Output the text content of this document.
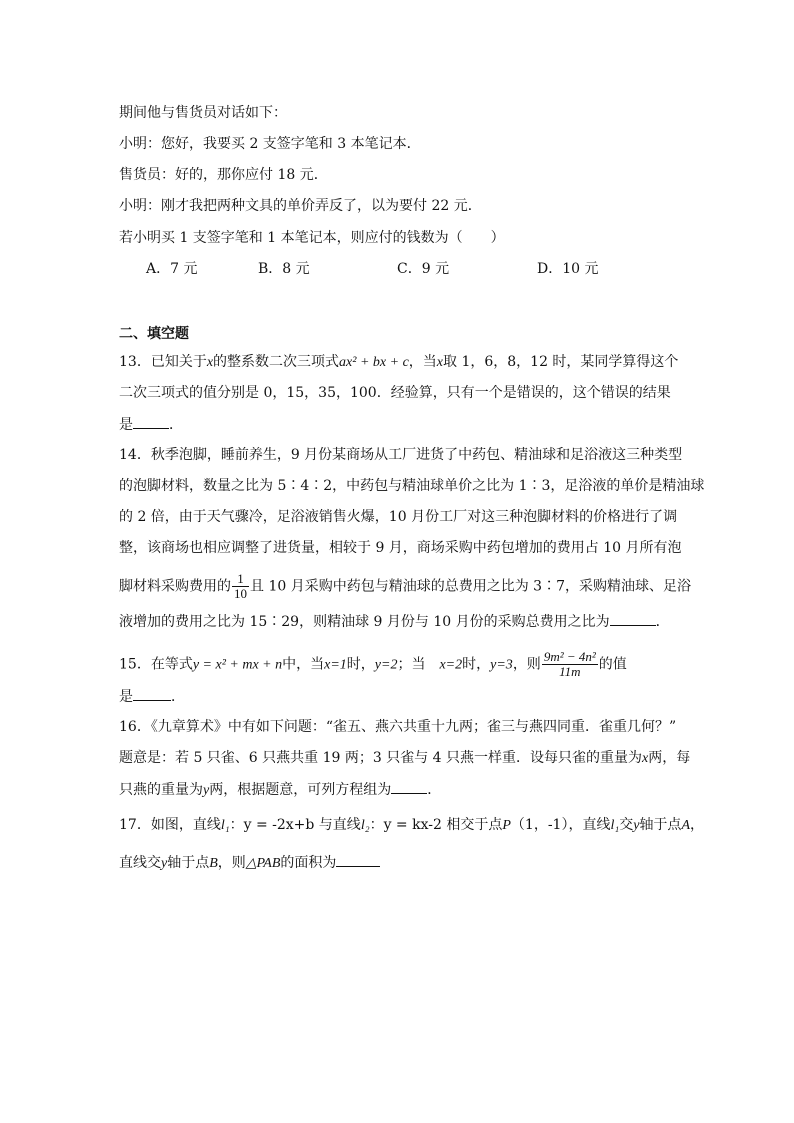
期间他与售货员对话如下：
小明：您好，我要买 2 支签字笔和 3 本笔记本．
售货员：好的，那你应付 18 元．
小明：刚才我把两种文具的单价弄反了，以为要付 22 元．
若小明买 1 支签字笔和 1 本笔记本，则应付的钱数为（　　）
A．7 元	B．8 元	C．9 元	D．10 元
二、填空题
13．已知关于x的整系数二次三项式ax² + bx + c，当x取 1，6，8，12 时，某同学算得这个
二次三项式的值分别是 0，15，35，100．经验算，只有一个是错误的，这个错误的结果
是	．
14．秋季泡脚，睡前养生，9 月份某商场从工厂进货了中药包、精油球和足浴液这三种类型
的泡脚材料，数量之比为 5∶4∶2，中药包与精油球单价之比为 1∶3，足浴液的单价是精油球
的 2 倍，由于天气骤冷，足浴液销售火爆，10 月份工厂对这三种泡脚材料的价格进行了调
整，该商场也相应调整了进货量，相较于 9 月，商场采购中药包增加的费用占 10 月所有泡
脚材料采购费用的 $\frac{1}{10}$ 且 10 月采购中药包与精油球的总费用之比为 3∶7，采购精油球、足浴
液增加的费用之比为 15∶29，则精油球 9 月份与 10 月份的采购总费用之比为	．
15．在等式y = x² + mx + n中，当x=1时，y=2；当　x=2时，y=3，则 $\frac{\text{9m² − 4n²}}{11m}$ 的值
是	．
16．《九章算术》中有如下问题：“雀五、燕六共重十九两；雀三与燕四同重．雀重几何？”
题意是：若 5 只雀、6 只燕共重 19 两；3 只雀与 4 只燕一样重．设每只雀的重量为x两，每
只燕的重量为y两，根据题意，可列方程组为	．
17．如图，直线l₁：y = -2x+b 与直线l₂：y = kx-2 相交于点P（1，-1），直线l₁交y轴于点A，
直线交y轴于点B，则△PAB的面积为
